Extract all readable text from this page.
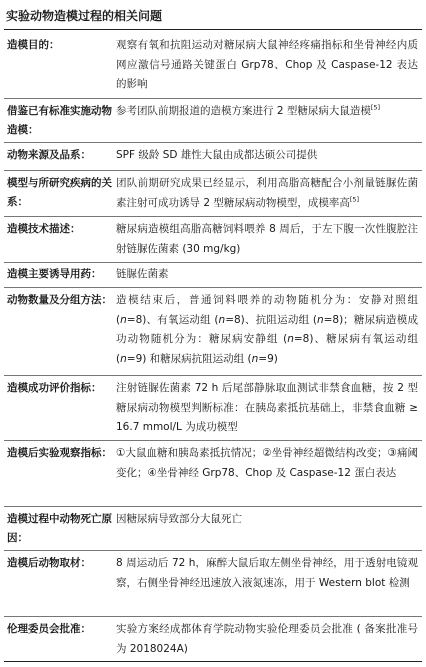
实验动物造模过程的相关问题
造模目的：	观察有氧和抗阻运动对糖尿病大鼠神经疼痛指标和坐骨神经内质网应激信号通路关键蛋白 Grp78、Chop 及 Caspase-12 表达的影响
借鉴已有标准实施动物造模：
参考团队前期报道的造模方案进行 2 型糖尿病大鼠造模[5]
动物来源及品系：	SPF 级龄 SD 雄性大鼠由成都达硕公司提供
模型与所研究疾病的关系：
团队前期研究成果已经显示，利用高脂高糖配合小剂量链脲佐菌素注射可成功诱导 2 型糖尿病动物模型，成模率高[5]
造模技术描述：	糖尿病造模组高脂高糖饲料喂养 8 周后，于左下腹一次性腹腔注射链脲佐菌素 (30 mg/kg)
造模主要诱导用药：	链脲佐菌素
动物数量及分组方法： 造模结束后，普通饲料喂养的动物随机分为：安静对照组 (n=8)、有氧运动组 (n=8)、抗阻运动组 (n=8)；糖尿病造模成功动物随机分为：糖尿病安静组 (n=8)、糖尿病有氧运动组 (n=9) 和糖尿病抗阻运动组 (n=9)
造模成功评价指标：	注射链脲佐菌素 72 h 后尾部静脉取血测试非禁食血糖，按 2 型糖尿病动物模型判断标准：在胰岛素抵抗基础上，非禁食血糖 ≥ 16.7 mmol/L 为成功模型
造模后实验观察指标： ①大鼠血糖和胰岛素抵抗情况；②坐骨神经超微结构改变；③痛阈变化；④坐骨神经 Grp78、Chop 及 Caspase-12 蛋白表达
造模过程中动物死亡原因：
因糖尿病导致部分大鼠死亡
造模后动物取材：	8 周运动后 72 h，麻醉大鼠后取左侧坐骨神经，用于透射电镜观察，右侧坐骨神经迅速放入液氮速冻，用于 Western blot 检测
伦理委员会批准：	实验方案经成都体育学院动物实验伦理委员会批准 ( 备案批准号为 2018024A)
